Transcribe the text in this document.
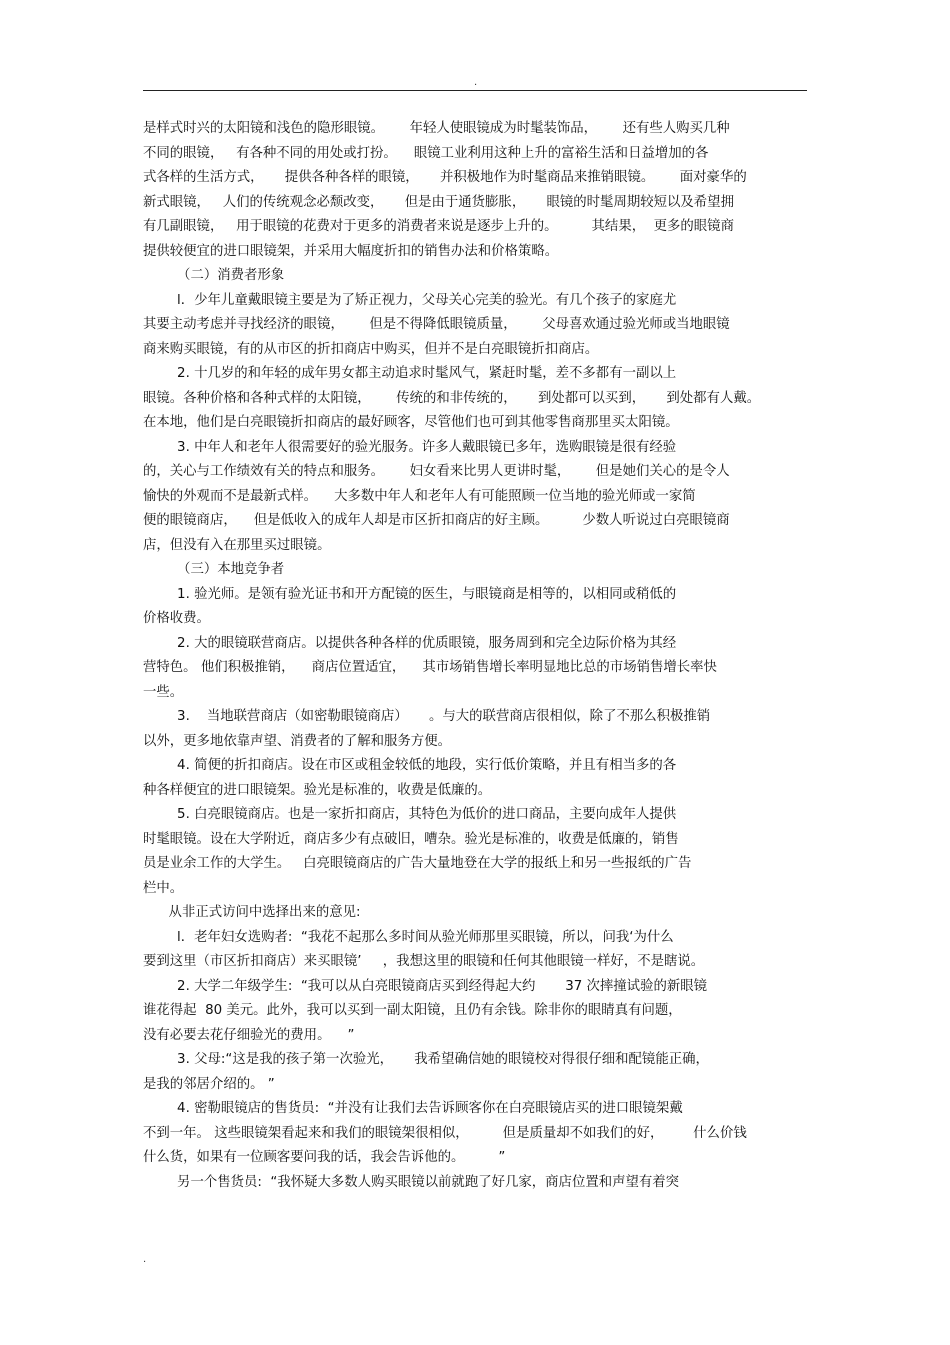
.
是样式时兴的太阳镜和浅色的隐形眼镜。      年轻人使眼镜成为时髦装饰品，      还有些人购买几种
不同的眼镜，   有各种不同的用处或打扮。    眼镜工业利用这种上升的富裕生活和日益增加的各
式各样的生活方式，     提供各种各样的眼镜，     并积极地作为时髦商品来推销眼镜。      面对豪华的
新式眼镜，   人们的传统观念必颓改变，     但是由于通货膨胀，     眼镜的时髦周期较短以及希望拥
有几副眼镜，   用于眼镜的花费对于更多的消费者来说是逐步上升的。        其结果，  更多的眼镜商
提供较便宜的进口眼镜架，并采用大幅度折扣的销售办法和价格策略。
（二）消费者形象
l．少年儿童戴眼镜主要是为了矫正视力，父母关心完美的验光。有几个孩子的家庭尤
其要主动考虑并寻找经济的眼镜，      但是不得降低眼镜质量，      父母喜欢通过验光师或当地眼镜
商来购买眼镜，有的从市区的折扣商店中购买，但并不是白亮眼镜折扣商店。
2. 十几岁的和年轻的成年男女都主动追求时髦风气，紧赶时髦，差不多都有一副以上
眼镜。各种价格和各种式样的太阳镜，      传统的和非传统的，     到处都可以买到，     到处都有人戴。
在本地，他们是白亮眼镜折扣商店的最好顾客，尽管他们也可到其他零售商那里买太阳镜。
3. 中年人和老年人很需要好的验光服务。许多人戴眼镜已多年，选购眼镜是很有经验
的，关心与工作绩效有关的特点和服务。      妇女看来比男人更讲时髦，      但是她们关心的是令人
愉快的外观而不是最新式样。    大多数中年人和老年人有可能照顾一位当地的验光师或一家简
便的眼镜商店，    但是低收入的成年人却是市区折扣商店的好主顾。        少数人听说过白亮眼镜商
店，但没有入在那里买过眼镜。
（三）本地竞争者
1. 验光师。是领有验光证书和开方配镜的医生，与眼镜商是相等的，以相同或稍低的
价格收费。
2. 大的眼镜联营商店。以提供各种各样的优质眼镜，服务周到和完全边际价格为其经
营特色。 他们积极推销，    商店位置适宜，    其市场销售增长率明显地比总的市场销售增长率快
一些。
3.    当地联营商店（如密勒眼镜商店）     。与大的联营商店很相似，除了不那么积极推销
以外，更多地依靠声望、消费者的了解和服务方便。
4. 简便的折扣商店。设在市区或租金较低的地段，实行低价策略，并且有相当多的各
种各样便宜的进口眼镜架。验光是标准的，收费是低廉的。
5. 白亮眼镜商店。也是一家折扣商店，其特色为低价的进口商品，主要向成年人提供
时髦眼镜。设在大学附近，商店多少有点破旧，嘈杂。验光是标准的，收费是低廉的，销售
员是业余工作的大学生。   白亮眼镜商店的广告大量地登在大学的报纸上和另一些报纸的广告
栏中。
从非正式访问中选择出来的意见:
l．老年妇女选购者:  “我花不起那么多时间从验光师那里买眼镜，所以，问我‘为什么
要到这里（市区折扣商店）来买眼镜’     ，我想这里的眼镜和任何其他眼镜一样好，不是瞎说。
2. 大学二年级学生:  “我可以从白亮眼镜商店买到经得起大约       37 次摔撞试验的新眼镜
谁花得起  80 美元。此外，我可以买到一副太阳镜，且仍有余钱。除非你的眼睛真有问题，
没有必要去花仔细验光的费用。    ”
3. 父母:“这是我的孩子第一次验光，     我希望确信她的眼镜校对得很仔细和配镜能正确，
是我的邻居介绍的。 ”
4. 密勒眼镜店的售货员:  “并没有让我们去告诉顾客你在白亮眼镜店买的进口眼镜架戴
不到一年。 这些眼镜架看起来和我们的眼镜架很相似，        但是质量却不如我们的好，       什么价钱
什么货，如果有一位顾客要问我的话，我会告诉他的。        ”
另一个售货员:  “我怀疑大多数人购买眼镜以前就跑了好几家，商店位置和声望有着突
.
